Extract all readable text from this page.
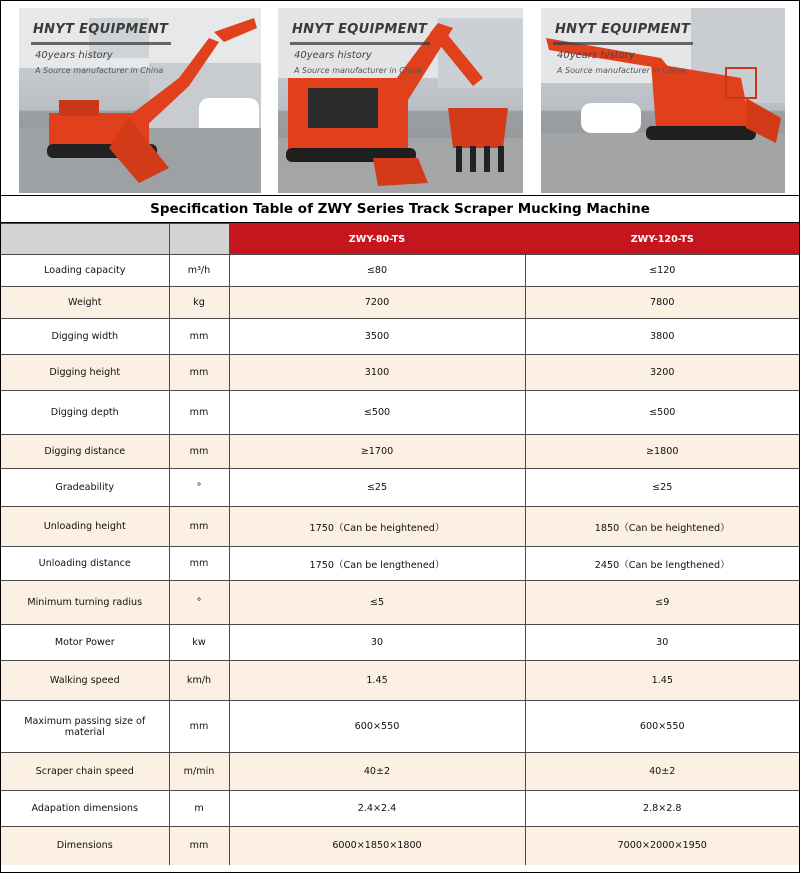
HNYT EQUIPMENT
40years history
A Source manufacturer in China
HNYT EQUIPMENT
40years history
A Source manufacturer in China
HNYT EQUIPMENT
40years history
A Source manufacturer in China
Specification Table of ZWY Series Track Scraper Mucking Machine
		ZWY-80-TS	ZWY-120-TS
Loading capacity	m³/h	≤80	≤120
Weight	kg	7200	7800
Digging width	mm	3500	3800
Digging height	mm	3100	3200
Digging depth	mm	≤500	≤500
Digging distance	mm	≥1700	≥1800
Gradeability	°	≤25	≤25
Unloading height	mm	1750（Can be heightened）	1850（Can be heightened）
Unloading distance	mm	1750（Can be lengthened）	2450（Can be lengthened）
Minimum turning radius	°	≤5	≤9
Motor Power	kw	30	30
Walking speed	km/h	1.45	1.45
Maximum passing size of material	mm	600×550	600×550
Scraper chain speed	m/min	40±2	40±2
Adapation dimensions	m	2.4×2.4	2.8×2.8
Dimensions	mm	6000×1850×1800	7000×2000×1950
